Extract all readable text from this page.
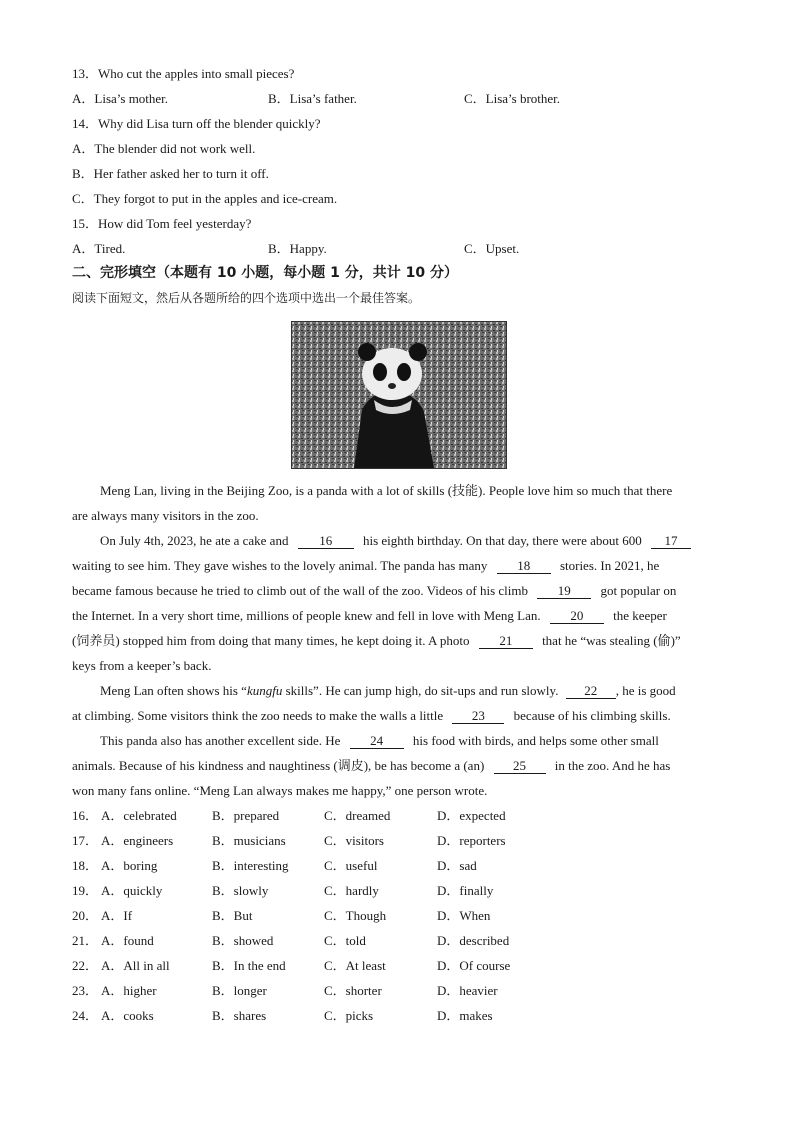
13．Who cut the apples into small pieces?
A．Lisa’s mother.	B．Lisa’s father.	C．Lisa’s brother.
14．Why did Lisa turn off the blender quickly?
A．The blender did not work well.
B．Her father asked her to turn it off.
C．They forgot to put in the apples and ice-cream.
15．How did Tom feel yesterday?
A．Tired.	B．Happy.	C．Upset.
二、完形填空（本题有 10 小题，每小题 1 分，共计 10 分）
阅读下面短文，然后从各题所给的四个选项中选出一个最佳答案。
Meng Lan, living in the Beijing Zoo, is a panda with a lot of skills (技能). People love him so much that there
are always many visitors in the zoo.
On July 4th, 2023, he ate a cake and 16 his eighth birthday. On that day, there were about 600 17
waiting to see him. They gave wishes to the lovely animal. The panda has many 18 stories. In 2021, he
became famous because he tried to climb out of the wall of the zoo. Videos of his climb 19 got popular on
the Internet. In a very short time, millions of people knew and fell in love with Meng Lan. 20 the keeper
(饲养员) stopped him from doing that many times, he kept doing it. A photo 21 that he “was stealing (偷)”
keys from a keeper’s back.
Meng Lan often shows his “kungfu skills”. He can jump high, do sit-ups and run slowly. 22 , he is good
at climbing. Some visitors think the zoo needs to make the walls a little 23 because of his climbing skills.
This panda also has another excellent side. He 24 his food with birds, and helps some other small
animals. Because of his kindness and naughtiness (调皮), be has become a (an) 25 in the zoo. And he has
won many fans online. “Meng Lan always makes me happy,” one person wrote.
16． A．celebrated	B．prepared	C．dreamed	D．expected
17． A．engineers	B．musicians	C．visitors	D．reporters
18． A．boring	B．interesting	C．useful	D．sad
19． A．quickly	B．slowly	C．hardly	D．finally
20． A．If	B．But	C．Though	D．When
21． A．found	B．showed	C．told	D．described
22． A．All in all	B．In the end	C．At least	D．Of course
23． A．higher	B．longer	C．shorter	D．heavier
24． A．cooks	B．shares	C．picks	D．makes
